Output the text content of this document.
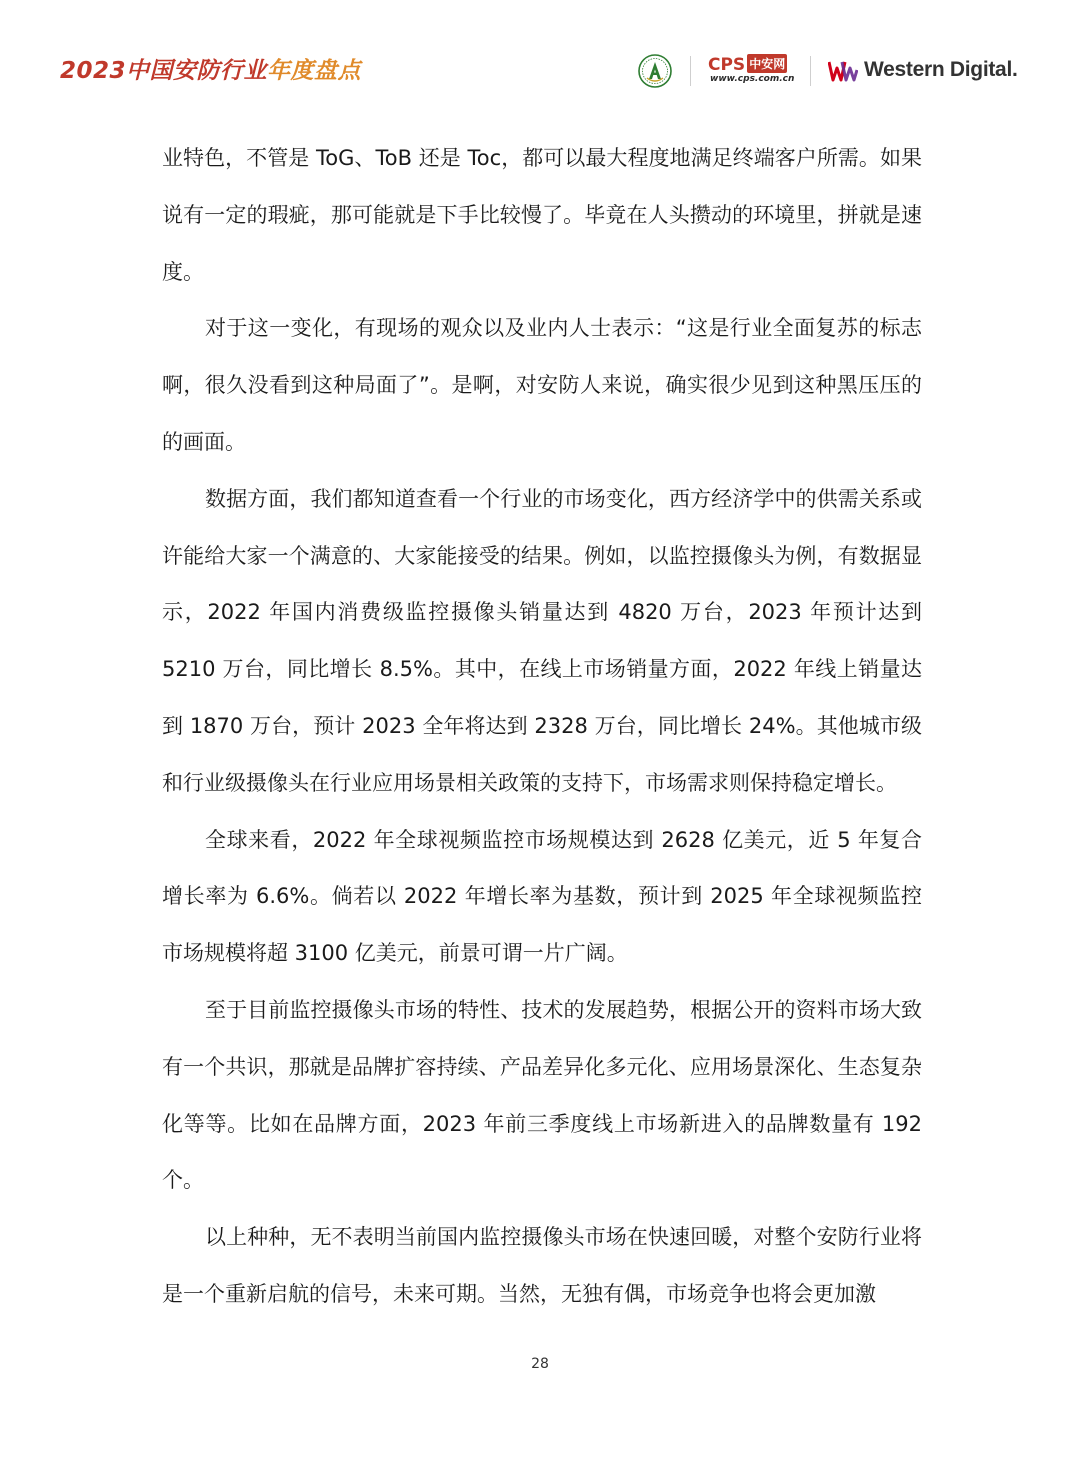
2023中国安防行业年度盘点	CPS 中安网
www.cps.com.cn	Western Digital.

业特色，不管是 ToG、ToB 还是 Toc，都可以最大程度地满足终端客户所需。如果说有一定的瑕疵，那可能就是下手比较慢了。毕竟在人头攒动的环境里，拼就是速度。

对于这一变化，有现场的观众以及业内人士表示：“这是行业全面复苏的标志啊，很久没看到这种局面了”。是啊，对安防人来说，确实很少见到这种黑压压的的画面。

数据方面，我们都知道查看一个行业的市场变化，西方经济学中的供需关系或许能给大家一个满意的、大家能接受的结果。例如，以监控摄像头为例，有数据显示，2022 年国内消费级监控摄像头销量达到 4820 万台，2023 年预计达到 5210 万台，同比增长 8.5%。其中，在线上市场销量方面，2022 年线上销量达到 1870 万台，预计 2023 全年将达到 2328 万台，同比增长 24%。其他城市级和行业级摄像头在行业应用场景相关政策的支持下，市场需求则保持稳定增长。

全球来看，2022 年全球视频监控市场规模达到 2628 亿美元，近 5 年复合增长率为 6.6%。倘若以 2022 年增长率为基数，预计到 2025 年全球视频监控市场规模将超 3100 亿美元，前景可谓一片广阔。

至于目前监控摄像头市场的特性、技术的发展趋势，根据公开的资料市场大致有一个共识，那就是品牌扩容持续、产品差异化多元化、应用场景深化、生态复杂化等等。比如在品牌方面，2023 年前三季度线上市场新进入的品牌数量有 192 个。

以上种种，无不表明当前国内监控摄像头市场在快速回暖，对整个安防行业将是一个重新启航的信号，未来可期。当然，无独有偶，市场竞争也将会更加激

28
